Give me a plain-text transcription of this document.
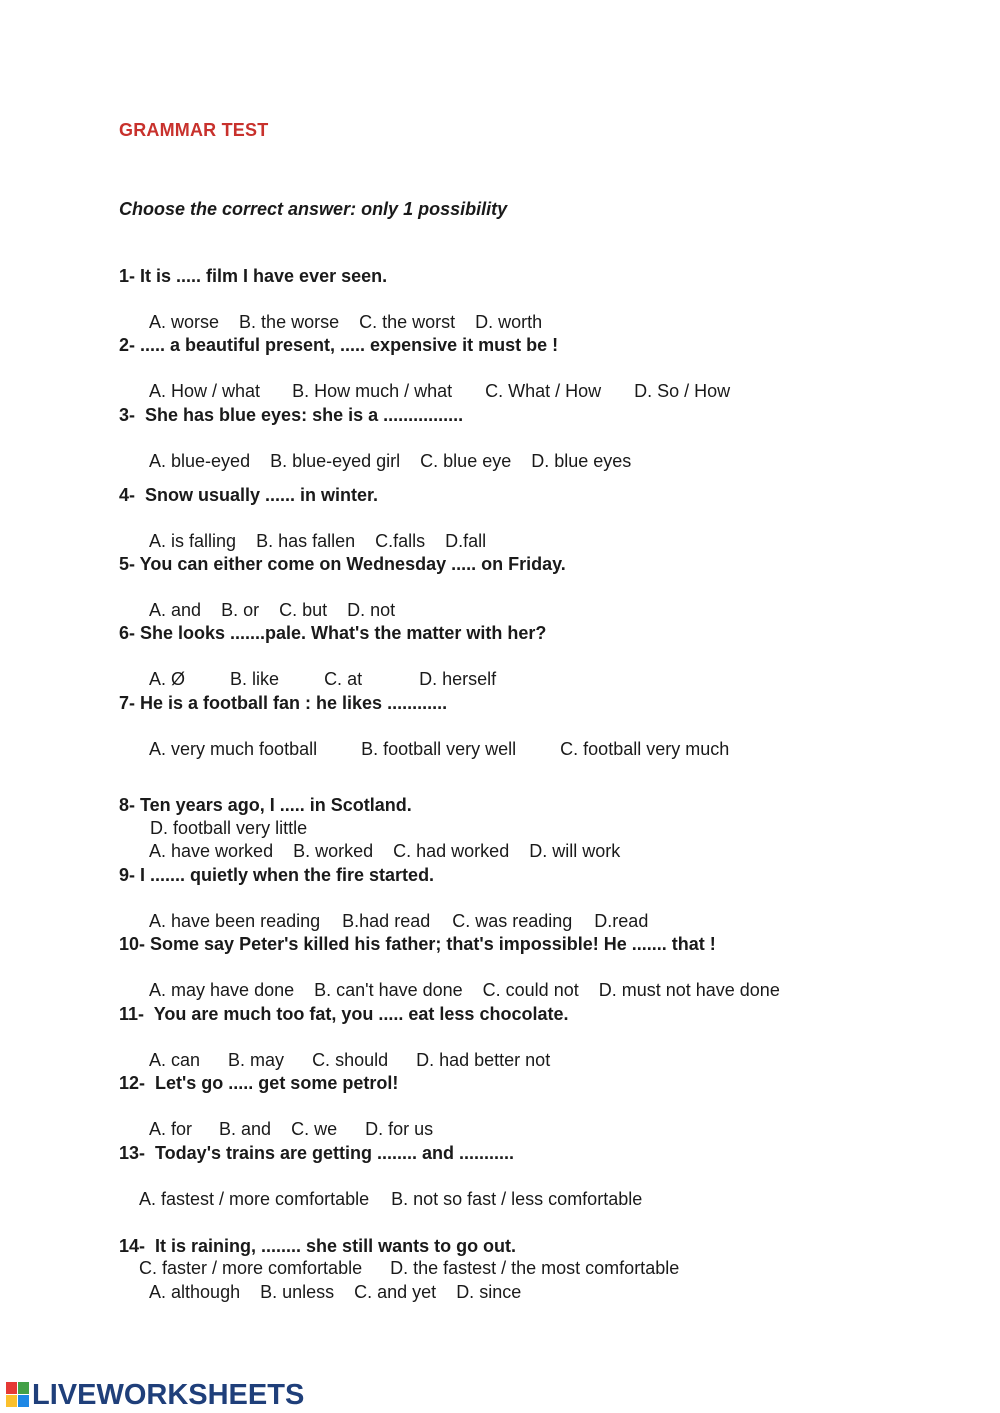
GRAMMAR TEST
Choose the correct answer: only 1 possibility
1- It is ..... film I have ever seen.

A. worse B. the worse C. the worst D. worth

2- ..... a beautiful present, ..... expensive it must be !

A. How / what B. How much / what C. What / How D. So / How

3-  She has blue eyes: she is a ................

A. blue-eyed B. blue-eyed girl C. blue eye D. blue eyes

4-  Snow usually ...... in winter.

A. is falling B. has fallen C.falls D.fall

5- You can either come on Wednesday ..... on Friday.

A. and B. or C. but D. not

6- She looks .......pale. What's the matter with her?

A. Ø	B. like	C. at	D. herself

7- He is a football fan : he likes ............

A. very much football B. football very well C. football very much

D. football very little

8- Ten years ago, I ..... in Scotland.

A. have worked B. worked C. had worked D. will work

9- I ....... quietly when the fire started.

A. have been reading B.had read C. was reading D.read

10- Some say Peter's killed his father; that's impossible! He ....... that !

A. may have done B. can't have done C. could not D. must not have done

11-  You are much too fat, you ..... eat less chocolate.

A. can B. may C. should D. had better not

12-  Let's go ..... get some petrol!

A. for B. and C. we D. for us

13-  Today's trains are getting ........ and ...........

A. fastest / more comfortable B. not so fast / less comfortable

C. faster / more comfortable D. the fastest / the most comfortable

14-  It is raining, ........ she still wants to go out.

A. although B. unless C. and yet D. since

LIVEWORKSHEETS
